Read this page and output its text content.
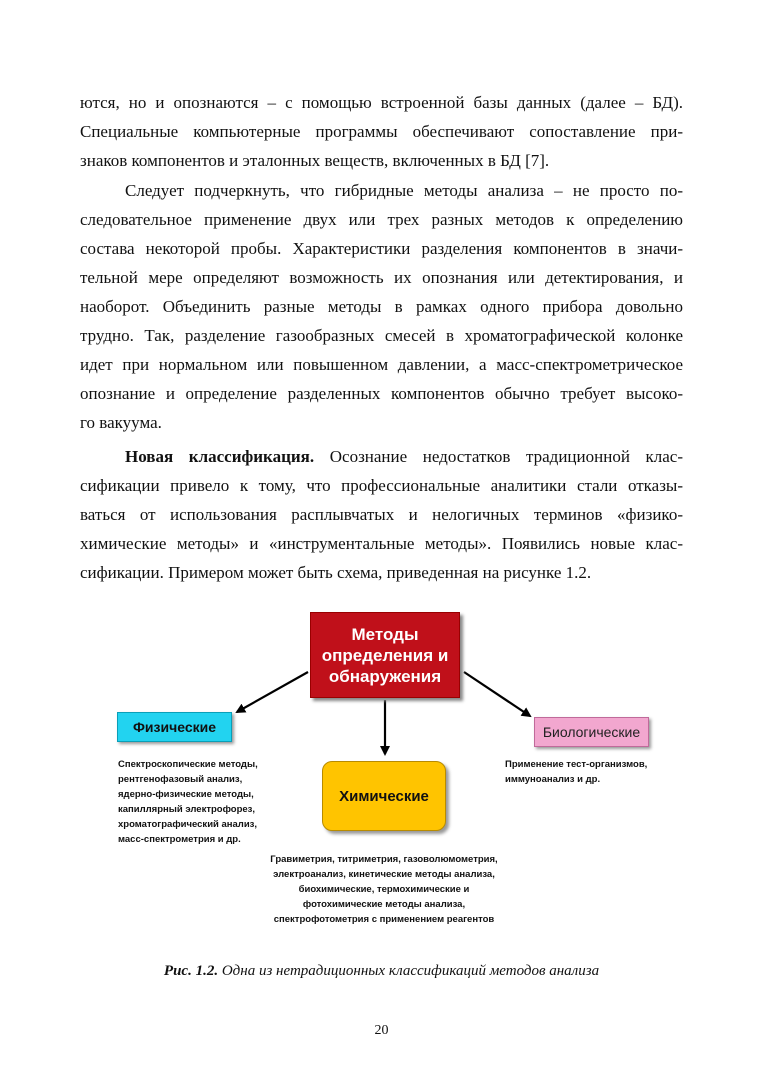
ются, но и опознаются – с помощью встроенной базы данных (далее – БД).
Специальные компьютерные программы обеспечивают сопоставление при-
знаков компонентов и эталонных веществ, включенных в БД [7].
Следует подчеркнуть, что гибридные методы анализа – не просто по-
следовательное применение двух или трех разных методов к определению
состава некоторой пробы. Характеристики разделения компонентов в значи-
тельной мере определяют возможность их опознания или детектирования, и
наоборот. Объединить разные методы в рамках одного прибора довольно
трудно. Так, разделение газообразных смесей в хроматографической колонке
идет при нормальном или повышенном давлении, а масс-спектрометрическое
опознание и определение разделенных компонентов обычно требует высоко-
го вакуума.
Новая классификация. Осознание недостатков традиционной клас-
сификации привело к тому, что профессиональные аналитики стали отказы-
ваться от использования расплывчатых и нелогичных терминов «физико-
химические методы» и «инструментальные методы». Появились новые клас-
сификации. Примером может быть схема, приведенная на рисунке 1.2.
Методы
определения и
обнаружения
Физические	Биологические
Химические
Спектроскопические методы,
рентгенофазовый анализ,
ядерно-физические методы,
капиллярный электрофорез,
хроматографический анализ,
масс-спектрометрия и др.
Применение тест-организмов,
иммуноанализ и др.
Гравиметрия, титриметрия, газоволюмометрия,
электроанализ, кинетические методы анализа,
биохимические, термохимические и
фотохимические методы анализа,
спектрофотометрия с применением реагентов
Рис. 1.2. Одна из нетрадиционных классификаций методов анализа
20
